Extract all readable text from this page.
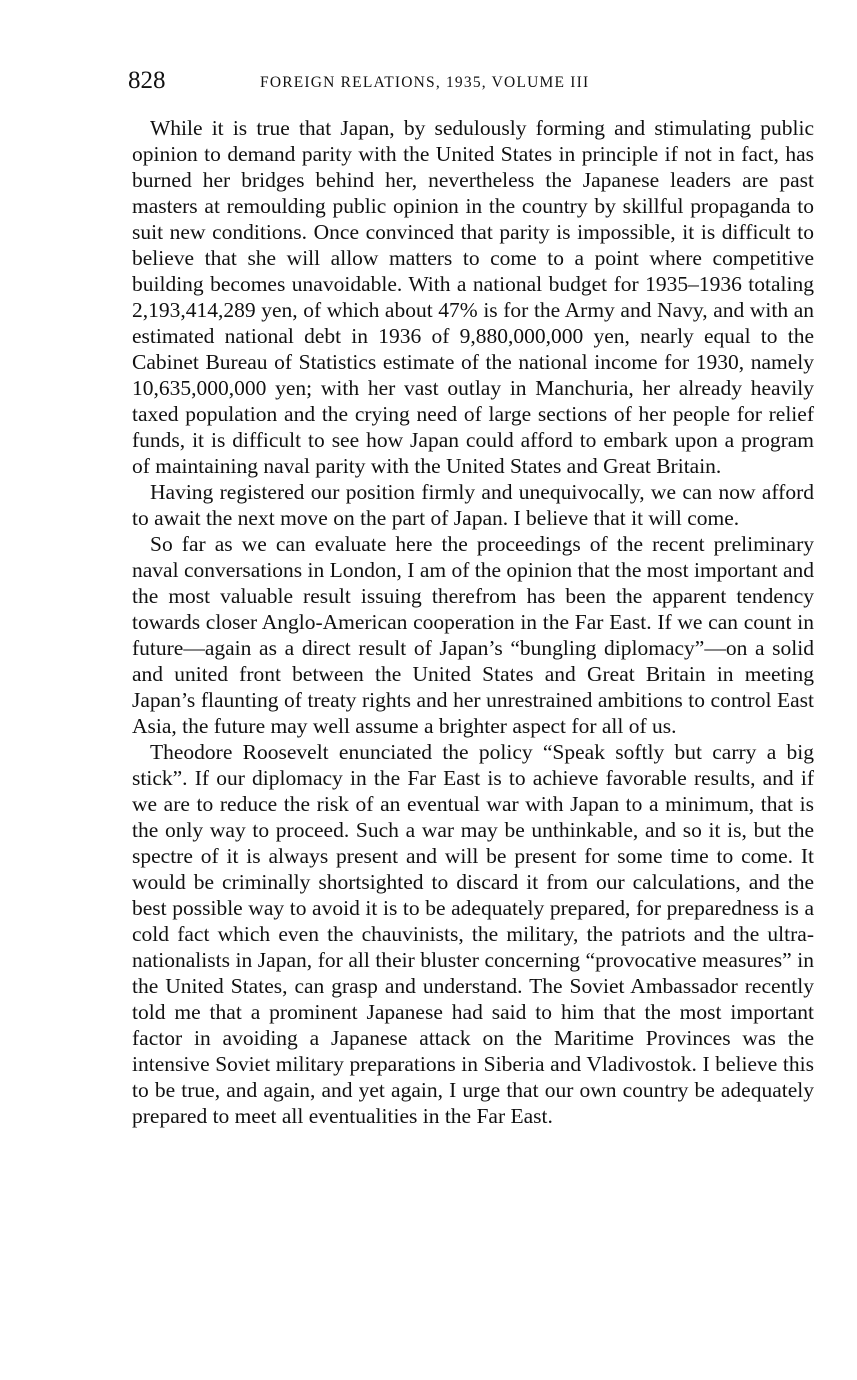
828	FOREIGN RELATIONS, 1935, VOLUME III

While it is true that Japan, by sedulously forming and stimulating public opinion to demand parity with the United States in principle if not in fact, has burned her bridges behind her, nevertheless the Japanese leaders are past masters at remoulding public opinion in the country by skillful propaganda to suit new conditions. Once convinced that parity is impossible, it is difficult to believe that she will allow matters to come to a point where competitive building becomes unavoidable. With a national budget for 1935–1936 totaling 2,193,414,289 yen, of which about 47% is for the Army and Navy, and with an estimated national debt in 1936 of 9,880,000,000 yen, nearly equal to the Cabinet Bureau of Statistics estimate of the national income for 1930, namely 10,635,000,000 yen; with her vast outlay in Manchuria, her already heavily taxed population and the crying need of large sections of her people for relief funds, it is difficult to see how Japan could afford to embark upon a program of maintaining naval parity with the United States and Great Britain.

Having registered our position firmly and unequivocally, we can now afford to await the next move on the part of Japan. I believe that it will come.

So far as we can evaluate here the proceedings of the recent preliminary naval conversations in London, I am of the opinion that the most important and the most valuable result issuing therefrom has been the apparent tendency towards closer Anglo-American cooperation in the Far East. If we can count in future—again as a direct result of Japan’s “bungling diplomacy”—on a solid and united front between the United States and Great Britain in meeting Japan’s flaunting of treaty rights and her unrestrained ambitions to control East Asia, the future may well assume a brighter aspect for all of us.

Theodore Roosevelt enunciated the policy “Speak softly but carry a big stick”. If our diplomacy in the Far East is to achieve favorable results, and if we are to reduce the risk of an eventual war with Japan to a minimum, that is the only way to proceed. Such a war may be unthinkable, and so it is, but the spectre of it is always present and will be present for some time to come. It would be criminally shortsighted to discard it from our calculations, and the best possible way to avoid it is to be adequately prepared, for preparedness is a cold fact which even the chauvinists, the military, the patriots and the ultra-nationalists in Japan, for all their bluster concerning “provocative measures” in the United States, can grasp and understand. The Soviet Ambassador recently told me that a prominent Japanese had said to him that the most important factor in avoiding a Japanese attack on the Maritime Provinces was the intensive Soviet military preparations in Siberia and Vladivostok. I believe this to be true, and again, and yet again, I urge that our own country be adequately prepared to meet all eventualities in the Far East.
